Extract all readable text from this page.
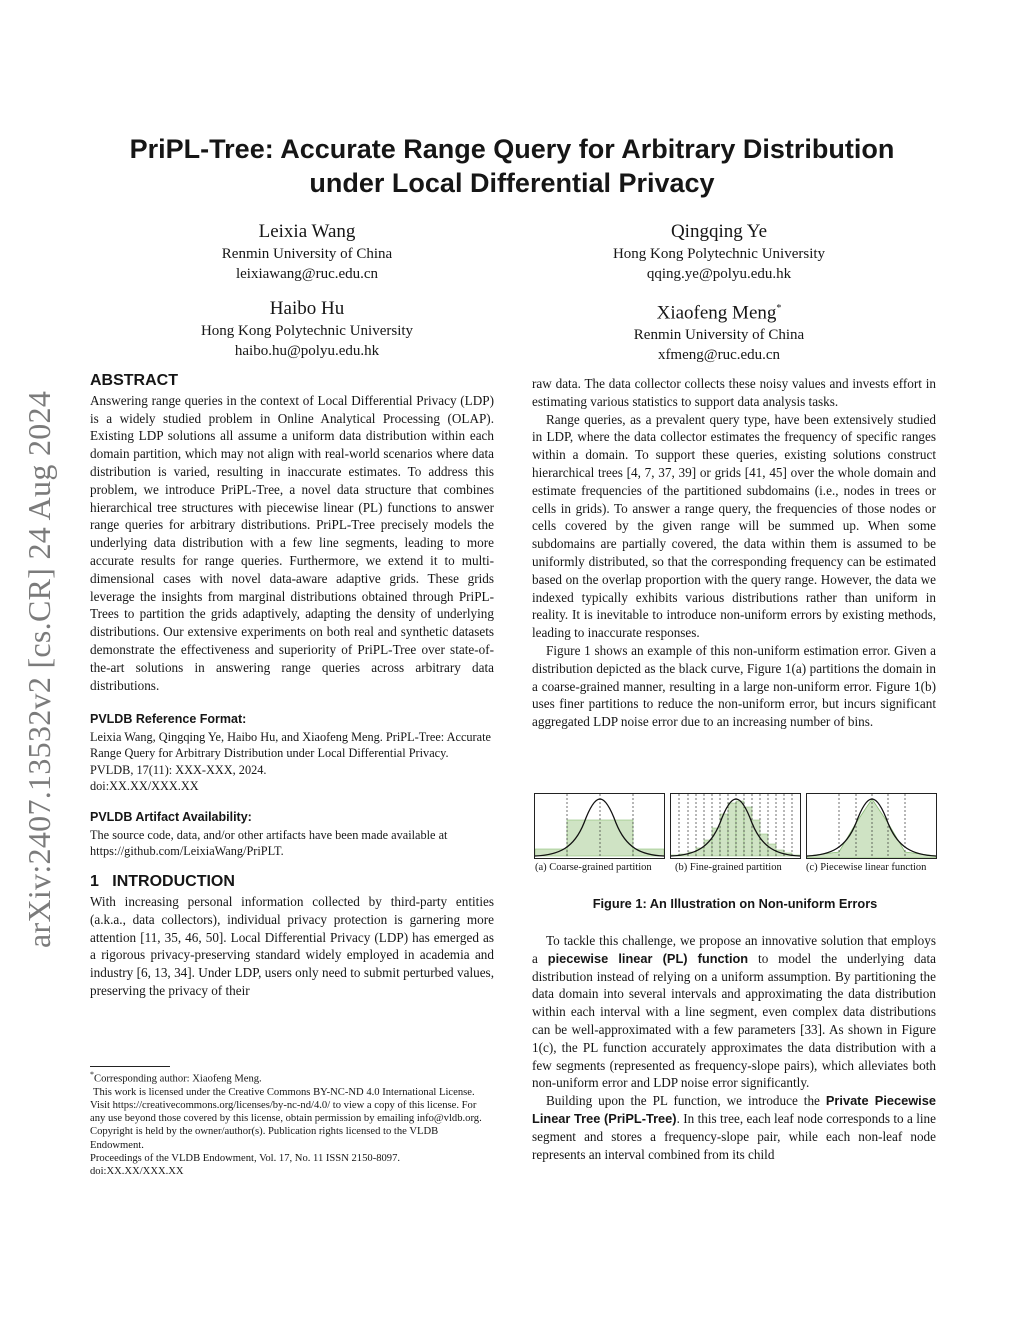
arXiv:2407.13532v2 [cs.CR] 24 Aug 2024
PriPL-Tree: Accurate Range Query for Arbitrary Distribution
under Local Differential Privacy
Leixia Wang
Renmin University of China
leixiawang@ruc.edu.cn
Qingqing Ye
Hong Kong Polytechnic University
qqing.ye@polyu.edu.hk
Haibo Hu
Hong Kong Polytechnic University
haibo.hu@polyu.edu.hk
Xiaofeng Meng*
Renmin University of China
xfmeng@ruc.edu.cn
ABSTRACT

Answering range queries in the context of Local Differential Privacy (LDP) is a widely studied problem in Online Analytical Processing (OLAP). Existing LDP solutions all assume a uniform data distribution within each domain partition, which may not align with real-world scenarios where data distribution is varied, resulting in inaccurate estimates. To address this problem, we introduce PriPL-Tree, a novel data structure that combines hierarchical tree structures with piecewise linear (PL) functions to answer range queries for arbitrary distributions. PriPL-Tree precisely models the underlying data distribution with a few line segments, leading to more accurate results for range queries. Furthermore, we extend it to multi-dimensional cases with novel data-aware adaptive grids. These grids leverage the insights from marginal distributions obtained through PriPL-Trees to partition the grids adaptively, adapting the density of underlying distributions. Our extensive experiments on both real and synthetic datasets demonstrate the effectiveness and superiority of PriPL-Tree over state-of-the-art solutions in answering range queries across arbitrary data distributions.

PVLDB Reference Format:

Leixia Wang, Qingqing Ye, Haibo Hu, and Xiaofeng Meng. PriPL-Tree: Accurate Range Query for Arbitrary Distribution under Local Differential Privacy. PVLDB, 17(11): XXX-XXX, 2024.

doi:XX.XX/XXX.XX

PVLDB Artifact Availability:

The source code, data, and/or other artifacts have been made available at https://github.com/LeixiaWang/PriPLT.

1 INTRODUCTION

With increasing personal information collected by third-party entities (a.k.a., data collectors), individual privacy protection is garnering more attention [11, 35, 46, 50]. Local Differential Privacy (LDP) has emerged as a rigorous privacy-preserving standard widely employed in academia and industry [6, 13, 34]. Under LDP, users only need to submit perturbed values, preserving the privacy of their

*Corresponding author: Xiaofeng Meng.
This work is licensed under the Creative Commons BY-NC-ND 4.0 International License. Visit https://creativecommons.org/licenses/by-nc-nd/4.0/ to view a copy of this license. For any use beyond those covered by this license, obtain permission by emailing info@vldb.org. Copyright is held by the owner/author(s). Publication rights licensed to the VLDB Endowment.
Proceedings of the VLDB Endowment, Vol. 17, No. 11 ISSN 2150-8097.
doi:XX.XX/XXX.XX

raw data. The data collector collects these noisy values and invests effort in estimating various statistics to support data analysis tasks.

Range queries, as a prevalent query type, have been extensively studied in LDP, where the data collector estimates the frequency of specific ranges within a domain. To support these queries, existing solutions construct hierarchical trees [4, 7, 37, 39] or grids [41, 45] over the whole domain and estimate frequencies of the partitioned subdomains (i.e., nodes in trees or cells in grids). To answer a range query, the frequencies of those nodes or cells covered by the given range will be summed up. When some subdomains are partially covered, the data within them is assumed to be uniformly distributed, so that the corresponding frequency can be estimated based on the overlap proportion with the query range. However, the data we indexed typically exhibits various distributions rather than uniform in reality. It is inevitable to introduce non-uniform errors by existing methods, leading to inaccurate responses.

Figure 1 shows an example of this non-uniform estimation error. Given a distribution depicted as the black curve, Figure 1(a) partitions the domain in a coarse-grained manner, resulting in a large non-uniform error. Figure 1(b) uses finer partitions to reduce the non-uniform error, but incurs significant aggregated LDP noise error due to an increasing number of bins.

(a) Coarse-grained partition (b) Fine-grained partition (c) Piecewise linear function
Figure 1: An Illustration on Non-uniform Errors

To tackle this challenge, we propose an innovative solution that employs a piecewise linear (PL) function to model the underlying data distribution instead of relying on a uniform assumption. By partitioning the data domain into several intervals and approximating the data distribution within each interval with a line segment, even complex data distributions can be well-approximated with a few parameters [33]. As shown in Figure 1(c), the PL function accurately approximates the data distribution with a few segments (represented as frequency-slope pairs), which alleviates both non-uniform error and LDP noise error significantly.

Building upon the PL function, we introduce the Private Piecewise Linear Tree (PriPL-Tree). In this tree, each leaf node corresponds to a line segment and stores a frequency-slope pair, while each non-leaf node represents an interval combined from its child
